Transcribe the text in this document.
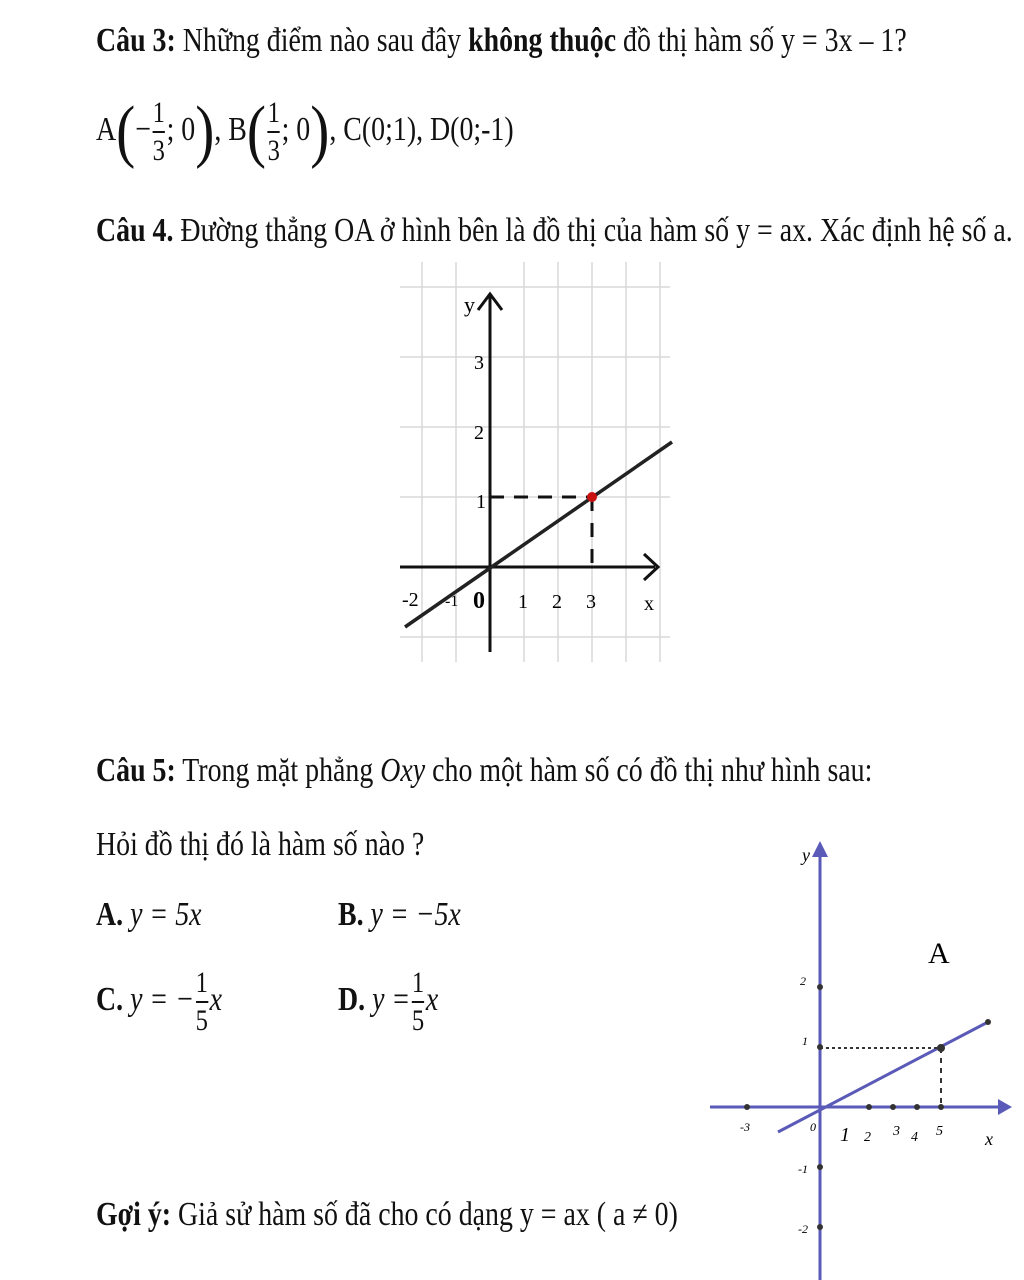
Câu 3: Những điểm nào sau đây không thuộc đồ thị hàm số y = 3x – 1?
$A(- \frac{1}{3}$ ; 0), $B( \frac{1}{3}$ ; 0), C(0;1), D(0;-1)
Câu 4. Đường thẳng OA ở hình bên là đồ thị của hàm số y = ax. Xác định hệ số a.
y
x
0
3
2
1
-2 -1	1 2 3
Câu 5: Trong mặt phẳng Oxy cho một hàm số có đồ thị như hình sau:
Hỏi đồ thị đó là hàm số nào ?
A. y = 5x	B. y = −5x
C. y = − $\frac{1}{5}$ x	D. $y = \frac{1}{5}$ x
y
x
A
0
-3	1 2 3 4 5
2
1
-1
-2
Gợi ý: Giả sử hàm số đã cho có dạng y = ax ( a ≠ 0)
